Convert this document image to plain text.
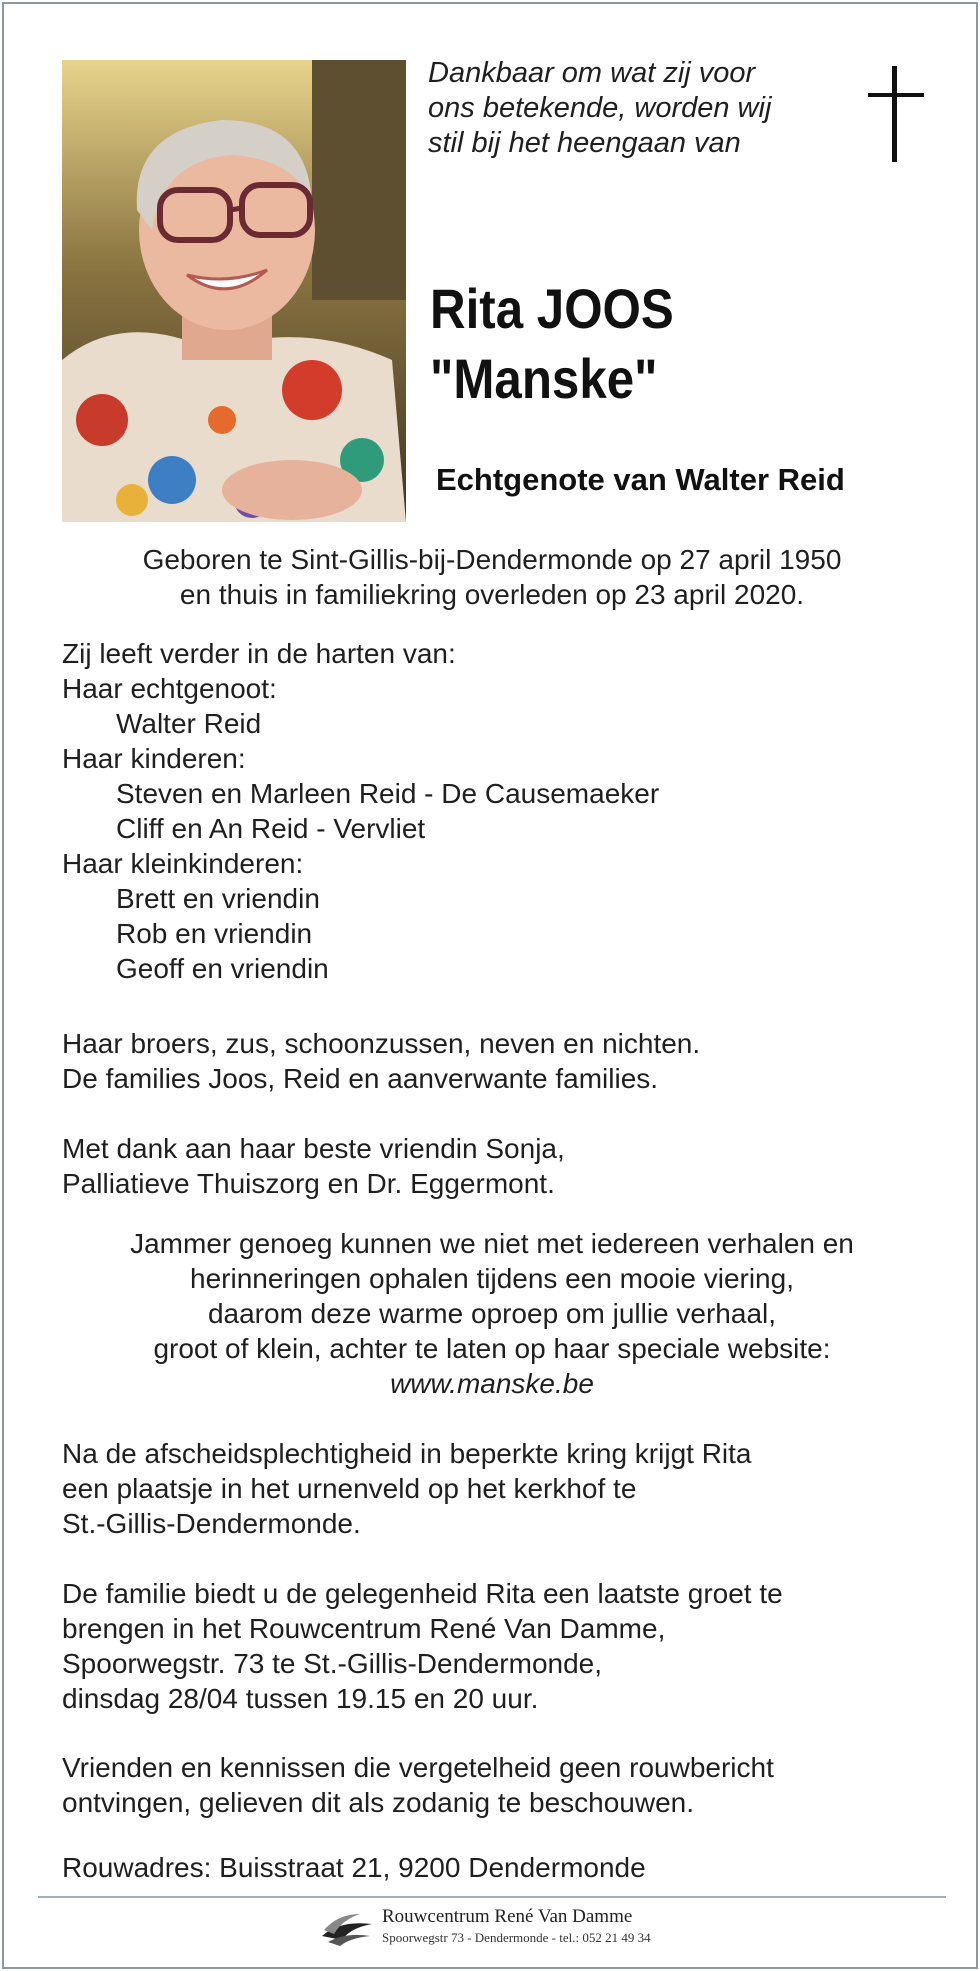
Dankbaar om wat zij voor
ons betekende, worden wij
stil bij het heengaan van
Rita JOOS
"Manske"
Echtgenote van Walter Reid
Geboren te Sint-Gillis-bij-Dendermonde op 27 april 1950
en thuis in familiekring overleden op 23 april 2020.
Zij leeft verder in de harten van:
Haar echtgenoot:
Walter Reid
Haar kinderen:
Steven en Marleen Reid - De Causemaeker
Cliff en An Reid - Vervliet
Haar kleinkinderen:
Brett en vriendin
Rob en vriendin
Geoff en vriendin
Haar broers, zus, schoonzussen, neven en nichten.
De families Joos, Reid en aanverwante families.
Met dank aan haar beste vriendin Sonja,
Palliatieve Thuiszorg en Dr. Eggermont.
Jammer genoeg kunnen we niet met iedereen verhalen en
herinneringen ophalen tijdens een mooie viering,
daarom deze warme oproep om jullie verhaal,
groot of klein, achter te laten op haar speciale website:
www.manske.be
Na de afscheidsplechtigheid in beperkte kring krijgt Rita
een plaatsje in het urnenveld op het kerkhof te
St.-Gillis-Dendermonde.
De familie biedt u de gelegenheid Rita een laatste groet te
brengen in het Rouwcentrum René Van Damme,
Spoorwegstr. 73 te St.-Gillis-Dendermonde,
dinsdag 28/04 tussen 19.15 en 20 uur.
Vrienden en kennissen die vergetelheid geen rouwbericht
ontvingen, gelieven dit als zodanig te beschouwen.
Rouwadres: Buisstraat 21, 9200 Dendermonde
Rouwcentrum René Van Damme
Spoorwegstr 73 - Dendermonde - tel.: 052 21 49 34
